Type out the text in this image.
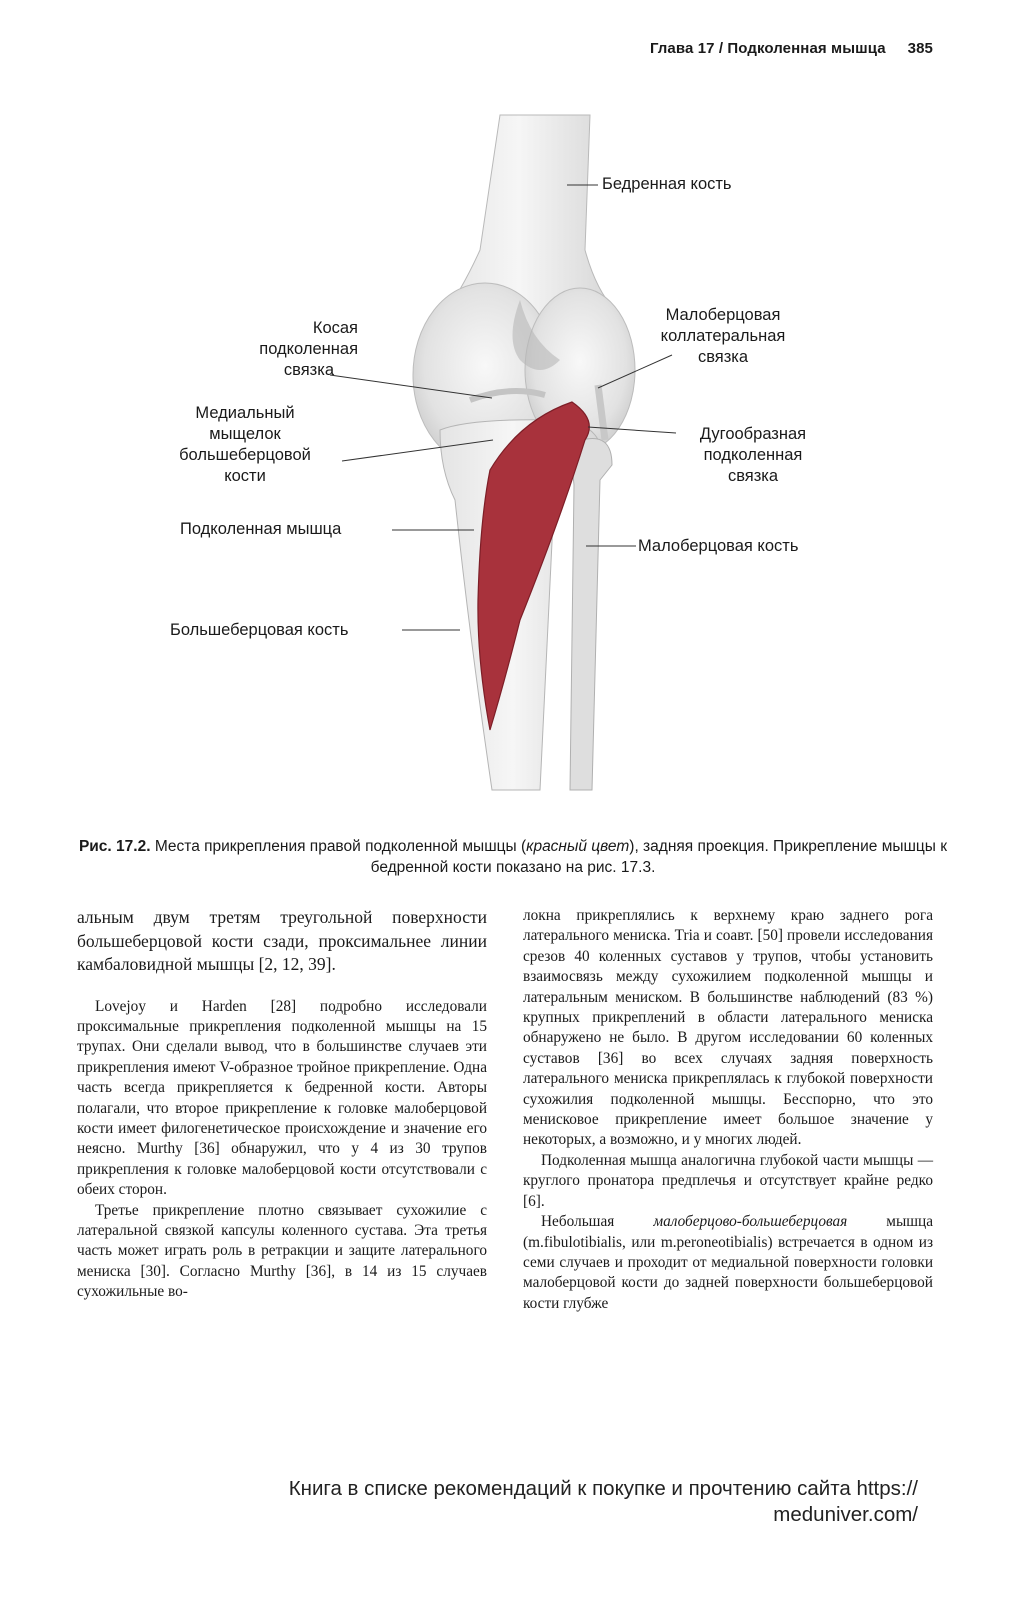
Глава 17 / Подколенная мышца 385
Бедренная кость
Косая
подколенная
связка
Малоберцовая
коллатеральная
связка
Медиальный
мыщелок
большеберцовой
кости
Дугообразная
подколенная
связка
Подколенная мышца
Малоберцовая кость
Большеберцовая кость
Рис. 17.2. Места прикрепления правой подколенной мышцы (красный цвет), задняя проекция. Прикрепление мышцы к бедренной кости показано на рис. 17.3.

альным двум третям треугольной поверхности большеберцовой кости сзади, проксимальнее линии камбаловидной мышцы [2, 12, 39].

Lovejoy и Harden [28] подробно исследовали проксимальные прикрепления подколенной мышцы на 15 трупах. Они сделали вывод, что в большинстве случаев эти прикрепления имеют V-образное тройное прикрепление. Одна часть всегда прикрепляется к бедренной кости. Авторы полагали, что второе прикрепление к головке малоберцовой кости имеет филогенетическое происхождение и значение его неясно. Murthy [36] обнаружил, что у 4 из 30 трупов прикрепления к головке малоберцовой кости отсутствовали с обеих сторон.

Третье прикрепление плотно связывает сухожилие с латеральной связкой капсулы коленного сустава. Эта третья часть может играть роль в ретракции и защите латерального мениска [30]. Согласно Murthy [36], в 14 из 15 случаев сухожильные во-

локна прикреплялись к верхнему краю заднего рога латерального мениска. Tria и соавт. [50] провели исследования срезов 40 коленных суставов у трупов, чтобы установить взаимосвязь между сухожилием подколенной мышцы и латеральным мениском. В большинстве наблюдений (83 %) крупных прикреплений в области латерального мениска обнаружено не было. В другом исследовании 60 коленных суставов [36] во всех случаях задняя поверхность латерального мениска прикреплялась к глубокой поверхности сухожилия подколенной мышцы. Бесспорно, что это менисковое прикрепление имеет большое значение у некоторых, а возможно, и у многих людей.

Подколенная мышца аналогична глубокой части мышцы — круглого пронатора предплечья и отсутствует крайне редко [6].

Небольшая малоберцово-большеберцовая мышца (m.fibulotibialis, или m.peroneotibialis) встречается в одном из семи случаев и проходит от медиальной поверхности головки малоберцовой кости до задней поверхности большеберцовой кости глубже

Книга в списке рекомендаций к покупке и прочтению сайта https://
meduniver.com/
